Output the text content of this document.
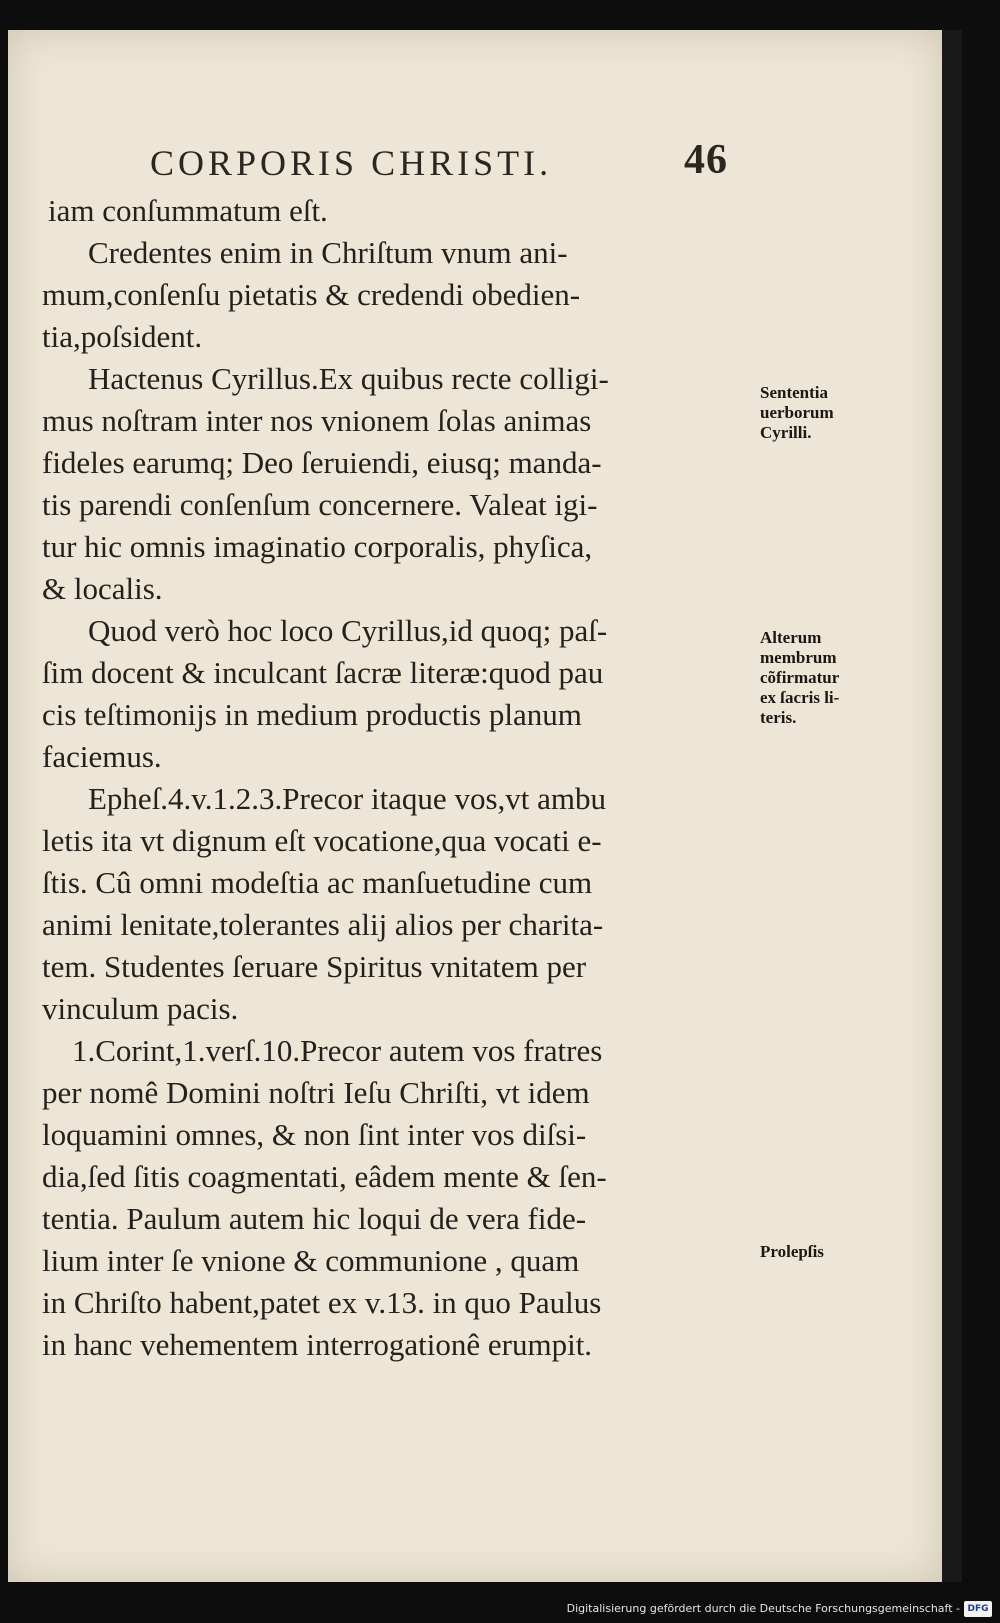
CORPORIS CHRISTI.	46
iam conſummatum eſt.
Credentes enim in Chriſtum vnum ani-
mum,conſenſu pietatis & credendi obedien-
tia,poſsident.
Hactenus Cyrillus.Ex quibus recte colligi-
mus noſtram inter nos vnionem ſolas animas
fideles earumq; Deo ſeruiendi, eiusq; manda-
tis parendi conſenſum concernere. Valeat igi-
tur hic omnis imaginatio corporalis, phyſica,
& localis.
Quod verò hoc loco Cyrillus,id quoq; paſ-
ſim docent & inculcant ſacræ literæ:quod pau
cis teſtimonijs in medium productis planum
faciemus.
Epheſ.4.v.1.2.3.Precor itaque vos,vt ambu
letis ita vt dignum eſt vocatione,qua vocati e-
ſtis. Cû omni modeſtia ac manſuetudine cum
animi lenitate,tolerantes alij alios per charita-
tem. Studentes ſeruare Spiritus vnitatem per
vinculum pacis.
1.Corint,1.verſ.10.Precor autem vos fratres
per nomê Domini noſtri Ieſu Chriſti, vt idem
loquamini omnes, & non ſint inter vos diſsi-
dia,ſed ſitis coagmentati, eâdem mente & ſen-
tentia. Paulum autem hic loqui de vera fide-
lium inter ſe vnione & communione , quam
in Chriſto habent,patet ex v.13. in quo Paulus
in hanc vehementem interrogationê erumpit.
Sententia
uerborum
Cyrilli.
Alterum
membrum
cõfirmatur
ex ſacris li-
teris.
Prolepſis
Digitalisierung gefördert durch die Deutsche Forschungsgemeinschaft - DFG
